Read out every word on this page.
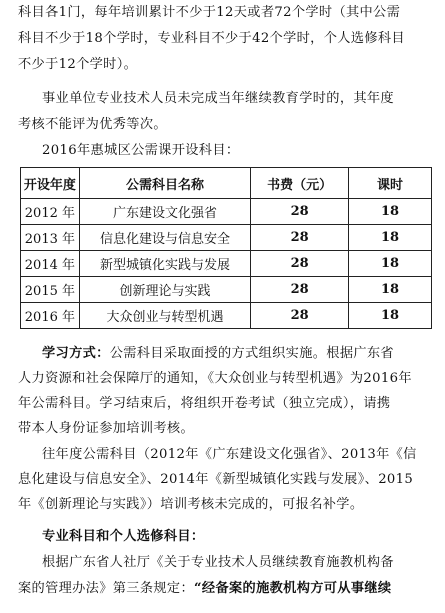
科目各1门，每年培训累计不少于12天或者72个学时（其中公需
科目不少于18个学时，专业科目不少于42个学时，个人选修科目
不少于12个学时）。
事业单位专业技术人员未完成当年继续教育学时的，其年度
考核不能评为优秀等次。
2016年惠城区公需课开设科目：
开设年度	公需科目名称	书费（元）	课时
2012 年	广东建设文化强省	28	18
2013 年	信息化建设与信息安全	28	18
2014 年	新型城镇化实践与发展	28	18
2015 年	创新理论与实践	28	18
2016 年	大众创业与转型机遇	28	18
学习方式：公需科目采取面授的方式组织实施。根据广东省
人力资源和社会保障厅的通知，《大众创业与转型机遇》为2016年
年公需科目。学习结束后，将组织开卷考试（独立完成），请携
带本人身份证参加培训考核。
往年度公需科目（2012年《广东建设文化强省》、2013年《信
息化建设与信息安全》、2014年《新型城镇化实践与发展》、2015
年《创新理论与实践》）培训考核未完成的，可报名补学。
专业科目和个人选修科目：
根据广东省人社厅《关于专业技术人员继续教育施教机构备
案的管理办法》第三条规定：“经备案的施教机构方可从事继续
